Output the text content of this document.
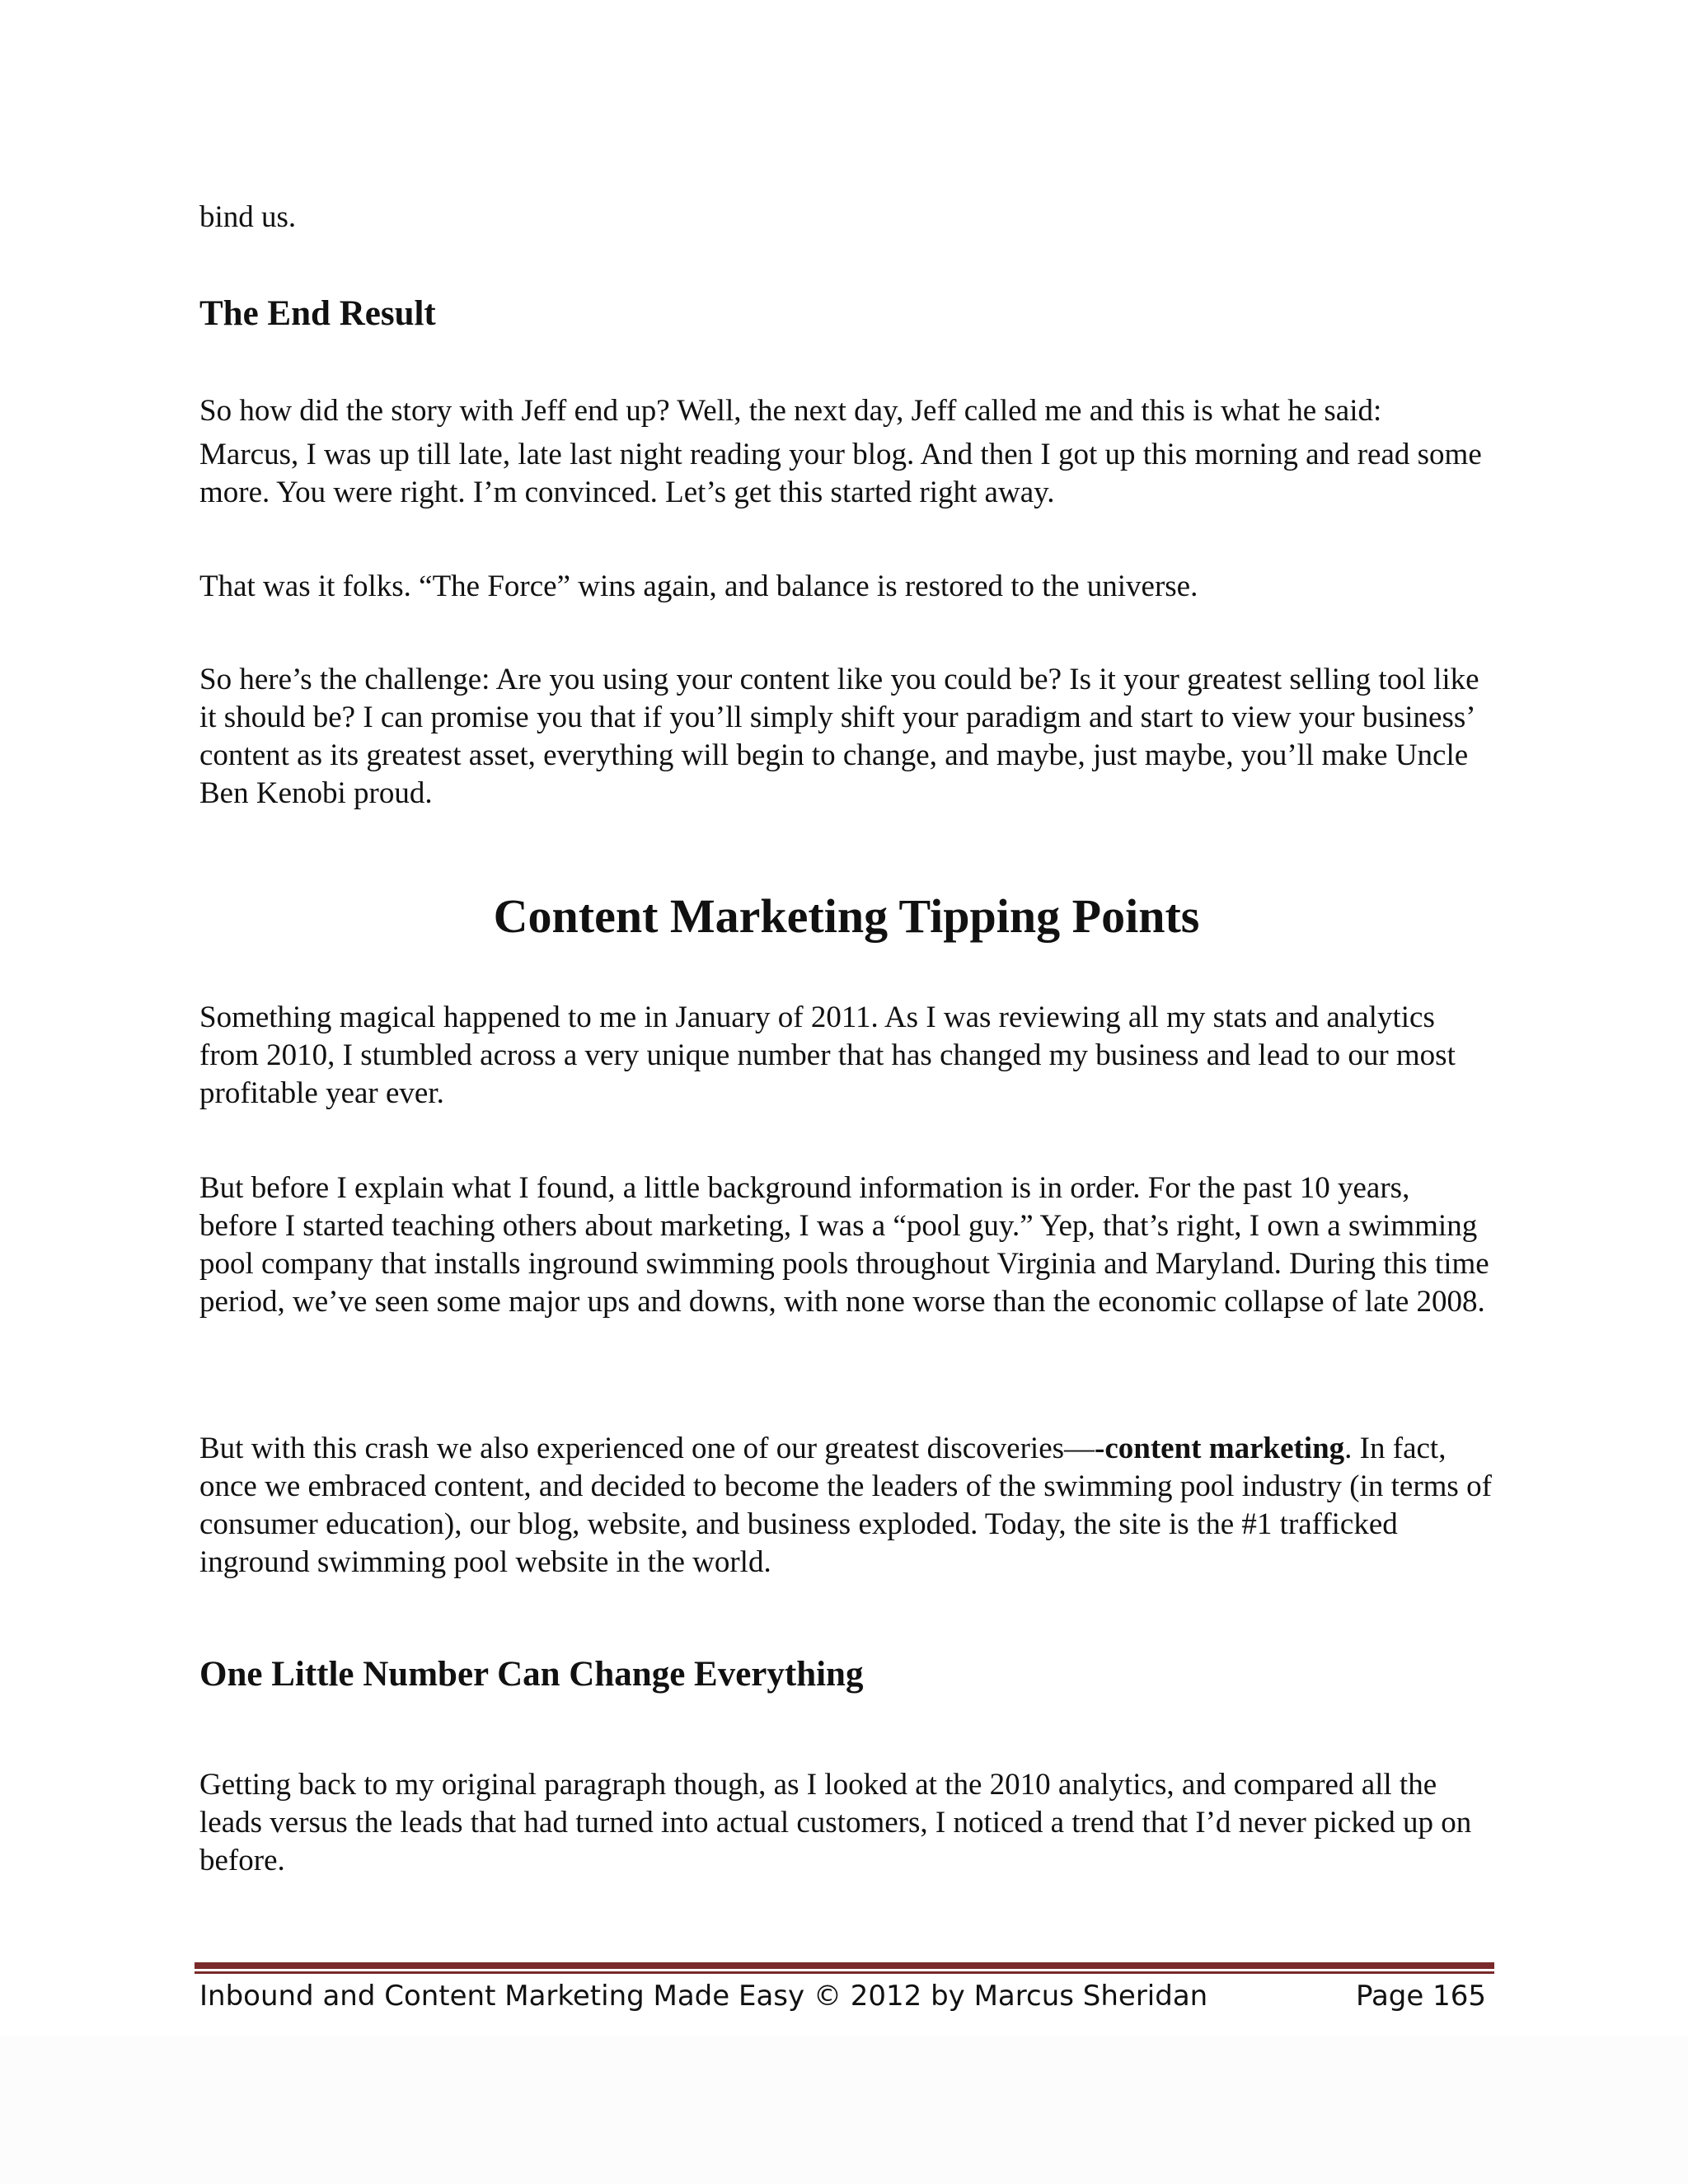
bind us.

The End Result

So how did the story with Jeff end up? Well, the next day, Jeff called me and this is what he said:

Marcus, I was up till late, late last night reading your blog. And then I got up this morning and read some more. You were right. I’m convinced. Let’s get this started right away.

That was it folks. “The Force” wins again, and balance is restored to the universe.

So here’s the challenge: Are you using your content like you could be? Is it your greatest selling tool like it should be? I can promise you that if you’ll simply shift your paradigm and start to view your business’ content as its greatest asset, everything will begin to change, and maybe, just maybe, you’ll make Uncle Ben Kenobi proud.

Content Marketing Tipping Points

Something magical happened to me in January of 2011. As I was reviewing all my stats and analytics from 2010, I stumbled across a very unique number that has changed my business and lead to our most profitable year ever.

But before I explain what I found, a little background information is in order. For the past 10 years, before I started teaching others about marketing, I was a “pool guy.” Yep, that’s right, I own a swimming pool company that installs inground swimming pools throughout Virginia and Maryland. During this time period, we’ve seen some major ups and downs, with none worse than the economic collapse of late 2008.

But with this crash we also experienced one of our greatest discoveries—-content marketing. In fact, once we embraced content, and decided to become the leaders of the swimming pool industry (in terms of consumer education), our blog, website, and business exploded. Today, the site is the #1 trafficked inground swimming pool website in the world.

One Little Number Can Change Everything

Getting back to my original paragraph though, as I looked at the 2010 analytics, and compared all the leads versus the leads that had turned into actual customers, I noticed a trend that I’d never picked up on before.

Inbound and Content Marketing Made Easy © 2012 by Marcus Sheridan	Page 165
